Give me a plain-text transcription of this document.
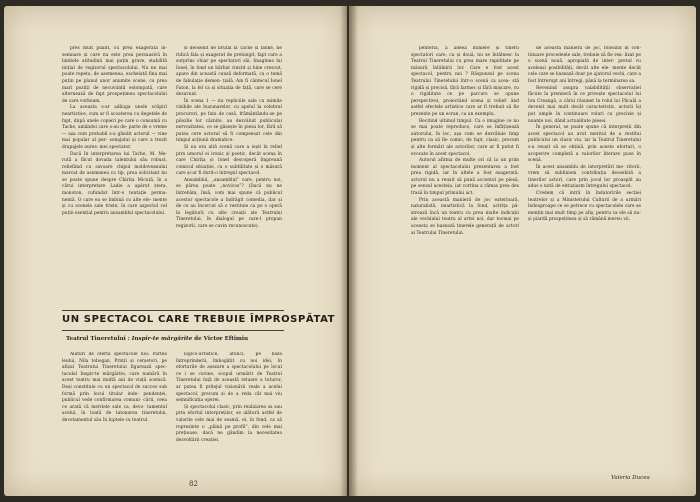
pres mult pliant, cu prea exagerată în- semnare și care nu este prea persuasivă în limitele atitudinii mai puțin grave, stabilită inițial de regizorul spectacolului. Nu ne mai poate repeta, de asemenea, escheiată fina mai puțin pe planul unor anumite scene, cu prea mari poziții de necuviință estompată, care alternează de fapt prospețimea spectacolului de care vorbeam.

La aceasta s-ar adăuga unele sclipiri neartistice, cum ar fi scoaterea cu degetele de fapt, după unele copieri pe care o consumă cu Tache, amândoi care s-au de- parte de o vreme — așa cum probabil s-a gândit actorul — vine mai popular al per- sonajului și care a trezit drapajele aures- mei spectator.

Dacă în interpretarea lui Tache, M. Me- rută a făcut dovada talentului său robust, reliefând cu savoare chipul moldoveanului marcat de asemenea ca tip, prea solicitant nu se poate spune despre Chirița Micuță, în a cărui interpretare Ladie a apărut ștera, monoton, cufundat într-o tentație perma- nentă. O care ea se îmbină cu alte ele- mente și cu scenele sale triste, în care aspectul cel puțin esențial pentru ansamblul spectacolului.

și deosebit de brutal la Tache și Ianke, fie ridică fala și exagerat de prelungit, fapt care a surprins chiar pe spectatori săi. Imaginea lui Ionel, în fond un bărbat cinstit și bine crescut, apare din această cauză deformată, ca o temă de fabulaţie demen- țială. Am fi cântecul Ionel Faton, la fel ca și situația de față, care se cere dezavuat.

În scena 1 — nu repliciile sale cu mimile vizibile ale buzunarelor, cu apelul la celebrul procurori, pe fata de casă, frământându-se pe pilozlie lor căznite, au dezvăluit publicului nervozitatea, ce se găsește în piesa lor, fără să putea cere actorul să fi compensat cele din timpul acțiunii dramatice.

Și nu era altă scenă care a ieșit în relief prin umorul ei ironic și poetic, decât scena în care Chirița și Ionel descoperă împreună comicul situației, cu o subtilitate și o măsură care și-ar fi dorit-o întregul spectacol.

Ansamblul, „ansamblul” care, pentru noi, se părea poate „novicos”? (Dacă nu ne întrebăm, însă, vom mai spune că publicul acestor spectacole a îndrăgit comedia, dar și de ce au încercat să o restituie ca pe o operă în legătură cu alte creații ale Teatrului Tineretului, în dialogul pe care-l propun regizorii, care se cuvin recunoscute).

UN SPECTACOL CARE TREBUIE ÎMPROSPĂTAT
Teatrul Tineretului : Inspir-te mărgărite de Victor Eftimiu

Alături de oferta spectacole noi: Partea leului, Nila tobogan, Prinți și cerșetori, pe afișul Teatrului Tineretului figurează spec- tacolul Inspir-te mărgărite, care numără în acest teatru mai multă ani de viață scenică. Deși constituie cu un spectacol de succes sub formă prin locul titular inde- pendenței, publicul vede confirmarea comuni- cării, ceea ce arată că meritele sale ca, devo- tamentul acelui, în toată de tatonarea tineretului, devotamentul său în luptele cu teatrul.

logico-artistice, atunci, pe baza întreprinderii, îmbogățit cu noi idei, în eforturile de așezare a spectacolului pe locul ce i se cuvine, scopul urmărit de Teatrul Tineretului față de această reluare a tuturor, ar putea fi prilejul vizionării reale a acelui spectacol, precum și de a reda cât mai viu semnificația operei.

Și spectacolul clasic, prin realizarea sa sau prin efortul interpreților, se alătură astfel de valorile cele mai de seamă, el, în fond, ca să reprezinte o „pâină pe profil”, din cele mai prețioase, dacă ne gândim la necesitatea dezvoltării creației.

82

penteria, a adeea miniere și tinerii spectatori care, ca și două, nu se întâlnesc la Teatrul Tineretului cu prea mare rapiditate pe măsură întâlnirii lor. Care e fost acest spectacol, pentru noi ? Răspunsul pe scena Teatrului Tineretului într-o scenă ca acea- stă rigidă și precisă, fără farmec și fără mișcare, cu o rigiditate ce pe parcurs se opune perspectivei, proiectând scena și relief- ând astfel efectele artistice care ar fi trebuit să fie prezente pe un ecran, ca un exemplu.

Recitind ultimul timpul. Ca o imagine ce nu se mai poate reproduce, care se înfățișează autorului, în loc, așa cum se dezvăluie timp pentru ca să fie comic, de fapt, clasic, precum și alte formări ale actorilor, care ar fi putut fi evocate în acest spectacol.

Autorul afirma de multe ori că la un prim moment al spectacolului prezentarea a fost prea rigidă, iar în altele a fost exagerată: actorul nu a reușit să pună accentul pe piesă, pe sensul acesteia, iar cortina a rămas prea des trasă în timpul primului act.

Prin această manieră de joc exterioară, naturalistă, neartistică la fond, actrița pă- strează încă un teatru cu prea multe indicații ale vechiului teatru al artei noi, dar tocmai pe aceasta se bazează tinerele generații de actori ai Teatrului Tineretului.

de această manieră de joc, folosind în con- tinuare procedeele sale, trebuie să fie rea- lizat pe o scenă nouă, apropiată de inter- pretul cu aceleași posibilități, decât alte ele- mente decât cele care se bazează doar pe ajutorul vechi, care a fost întrerupt ani întregi, până la terminarea sa.

Revenind asupra valabilității observației făcute la premieră în ce privește spectacolul lui Ion Creangă, a cărui răsunet în rolul lui Păcală a devenit mai mult decât caracteristic, actorii își pot umple în continuare roluri cu precizie și nuanțe noi, dând actualitate piesei.

În general, se poate spune că interpreții din acest spectacol au avut meritul de a restitui publicului un clasic viu, iar la Teatrul Tineretului s-a reușit să se obțină, prin aceste eforturi, o acoperire completă a valorilor literare puse în scenă.

În acest ansamblu de interpretări me- ritorii, vrem să subliniem contribuția deosebită a tinerilor actori, care prin jocul lor proaspăt au adus o notă de entuziasm întregului spectacol.

Credem că intră în îndatoririle secției teatrelor și a Ministerului Culturii de a urmări îndeaproape ce se petrece cu spectacolele care se mențin mai mult timp pe afiș, pentru ca ele să nu-și piardă prospețimea și să rămână mereu vii.

Valeria Ducea
